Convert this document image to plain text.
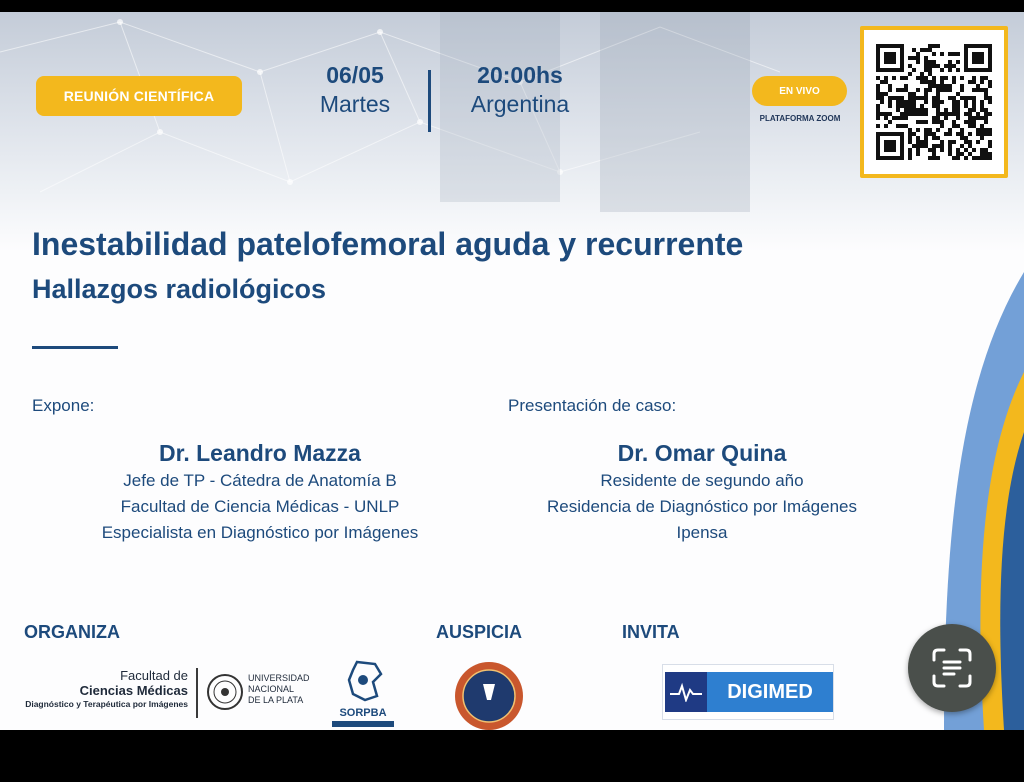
REUNIÓN CIENTÍFICA
06/05
Martes
20:00hs
Argentina	EN VIVO
PLATAFORMA ZOOM
Inestabilidad patelofemoral aguda y recurrente
Hallazgos radiológicos
Expone:
Dr. Leandro Mazza
Jefe de TP - Cátedra de Anatomía B
Facultad de Ciencia Médicas - UNLP
Especialista en Diagnóstico por Imágenes
Presentación de caso:
Dr. Omar Quina
Residente de segundo año
Residencia de Diagnóstico por Imágenes
Ipensa
ORGANIZA	AUSPICIA	INVITA
Facultad de
Ciencias Médicas
Diagnóstico y Terapéutica por Imágenes
UNIVERSIDAD
NACIONAL
DE LA PLATA
SORPBA
DIGIMED
